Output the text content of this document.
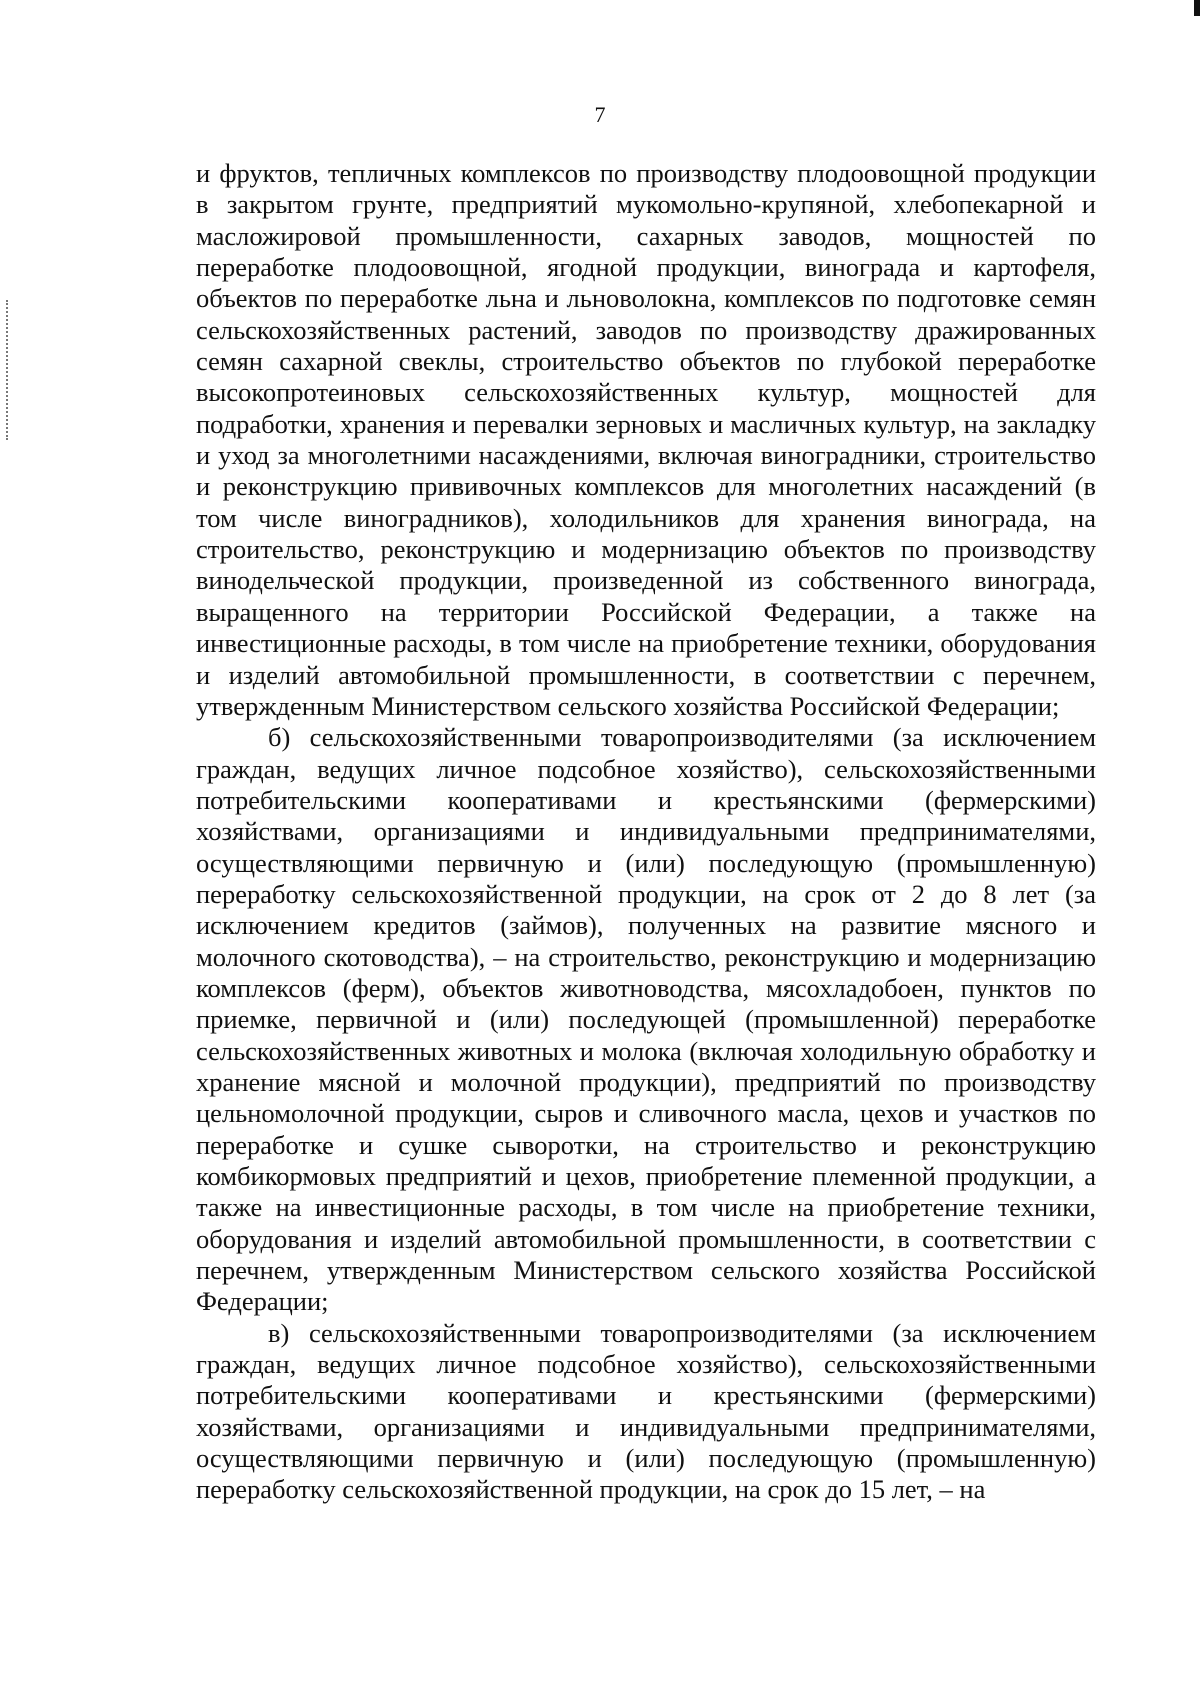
7

и фруктов, тепличных комплексов по производству плодоовощной продукции в закрытом грунте, предприятий мукомольно-крупяной, хлебопекарной и масложировой промышленности, сахарных заводов, мощностей по переработке плодоовощной, ягодной продукции, винограда и картофеля, объектов по переработке льна и льноволокна, комплексов по подготовке семян сельскохозяйственных растений, заводов по производству дражированных семян сахарной свеклы, строительство объектов по глубокой переработке высокопротеиновых сельскохозяйственных культур, мощностей для подработки, хранения и перевалки зерновых и масличных культур, на закладку и уход за многолетними насаждениями, включая виноградники, строительство и реконструкцию прививочных комплексов для многолетних насаждений (в том числе виноградников), холодильников для хранения винограда, на строительство, реконструкцию и модернизацию объектов по производству винодельческой продукции, произведенной из собственного винограда, выращенного на территории Российской Федерации, а также на инвестиционные расходы, в том числе на приобретение техники, оборудования и изделий автомобильной промышленности, в соответствии с перечнем, утвержденным Министерством сельского хозяйства Российской Федерации;

б) сельскохозяйственными товаропроизводителями (за исключением граждан, ведущих личное подсобное хозяйство), сельскохозяйственными потребительскими кооперативами и крестьянскими (фермерскими) хозяйствами, организациями и индивидуальными предпринимателями, осуществляющими первичную и (или) последующую (промышленную) переработку сельскохозяйственной продукции, на срок от 2 до 8 лет (за исключением кредитов (займов), полученных на развитие мясного и молочного скотоводства), – на строительство, реконструкцию и модернизацию комплексов (ферм), объектов животноводства, мясохладобоен, пунктов по приемке, первичной и (или) последующей (промышленной) переработке сельскохозяйственных животных и молока (включая холодильную обработку и хранение мясной и молочной продукции), предприятий по производству цельномолочной продукции, сыров и сливочного масла, цехов и участков по переработке и сушке сыворотки, на строительство и реконструкцию комбикормовых предприятий и цехов, приобретение племенной продукции, а также на инвестиционные расходы, в том числе на приобретение техники, оборудования и изделий автомобильной промышленности, в соответствии с перечнем, утвержденным Министерством сельского хозяйства Российской Федерации;

в) сельскохозяйственными товаропроизводителями (за исключением граждан, ведущих личное подсобное хозяйство), сельскохозяйственными потребительскими кооперативами и крестьянскими (фермерскими) хозяйствами, организациями и индивидуальными предпринимателями, осуществляющими первичную и (или) последующую (промышленную) переработку сельскохозяйственной продукции, на срок до 15 лет, – на
